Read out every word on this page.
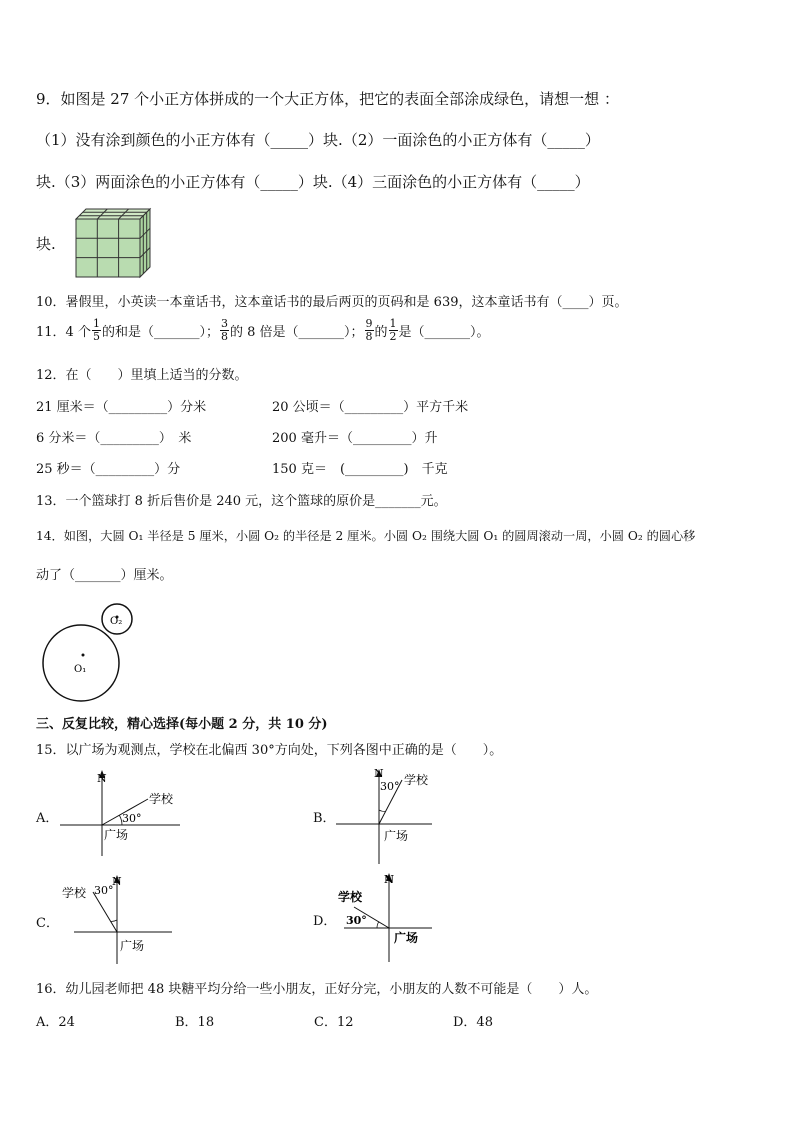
9．如图是 27 个小正方体拼成的一个大正方体，把它的表面全部涂成绿色，请想一想 ：
（1）没有涂到颜色的小正方体有（_____）块.（2）一面涂色的小正方体有（_____）
块.（3）两面涂色的小正方体有（_____）块.（4）三面涂色的小正方体有（_____）
块.
10．暑假里，小英读一本童话书，这本童话书的最后两页的页码和是 639，这本童话书有（____）页。
11．4 个 $\frac{1}{5}$ 的和是（_______）； $\frac{3}{8}$ 的 8 倍是（_______）； $\frac{9}{8}$ 的 $\frac{1}{2}$ 是（_______）。
12．在（　　）里填上适当的分数。
21 厘米＝（_________）分米	20 公顷＝（_________）平方千米
6 分米＝（_________）　米	200 毫升＝（_________）升
25 秒＝（_________）分	150 克＝　(_________)　千克
13．一个篮球打 8 折后售价是 240 元，这个篮球的原价是_______元。
14．如图，大圆 O₁ 半径是 5 厘米，小圆 O₂ 的半径是 2 厘米。小圆 O₂ 围绕大圆 O₁ 的圆周滚动一周，小圆 O₂ 的圆心移
动了（_______）厘米。
O₁
O₂
三、反复比较，精心选择(每小题 2 分，共 10 分)
15．以广场为观测点，学校在北偏西 30°方向处，下列各图中正确的是（　　）。
A．
N
学校
30°
广场
B．
N
30° 学校
广场
C．
N
30°
学校
广场
D．
N
学校
30°
广场
16．幼儿园老师把 48 块糖平均分给一些小朋友，正好分完，小朋友的人数不可能是（　　）人。
A．24	B．18	C．12	D．48
